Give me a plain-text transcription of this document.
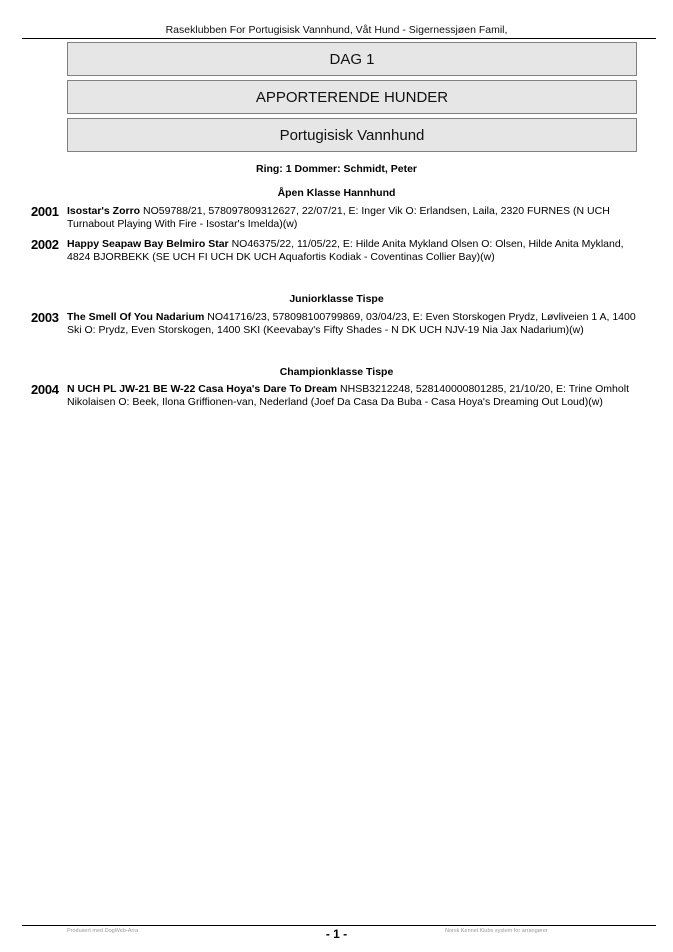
Raseklubben For Portugisisk Vannhund, Våt Hund - Sigernessjøen Famil,
DAG 1
APPORTERENDE HUNDER
Portugisisk Vannhund
Ring: 1 Dommer: Schmidt, Peter
Åpen Klasse Hannhund
2001 Isostar's Zorro NO59788/21, 578097809312627, 22/07/21, E: Inger Vik O: Erlandsen, Laila, 2320 FURNES (N UCH Turnabout Playing With Fire - Isostar's Imelda)(w)
2002 Happy Seapaw Bay Belmiro Star NO46375/22, 11/05/22, E: Hilde Anita Mykland Olsen O: Olsen, Hilde Anita Mykland, 4824 BJORBEKK (SE UCH FI UCH DK UCH Aquafortis Kodiak - Coventinas Collier Bay)(w)
Juniorklasse Tispe
2003 The Smell Of You Nadarium NO41716/23, 578098100799869, 03/04/23, E: Even Storskogen Prydz, Løvliveien 1 A, 1400 Ski O: Prydz, Even Storskogen, 1400 SKI (Keevabay's Fifty Shades - N DK UCH NJV-19 Nia Jax Nadarium)(w)
Championklasse Tispe
2004 N UCH PL JW-21 BE W-22 Casa Hoya's Dare To Dream NHSB3212248, 528140000801285, 21/10/20, E: Trine Omholt Nikolaisen O: Beek, Ilona Griffionen-van, Nederland (Joef Da Casa Da Buba - Casa Hoya's Dreaming Out Loud)(w)
Produsert med DogWeb-Arra	- 1 -	Norsk Kennel Klubs system for arrangører
